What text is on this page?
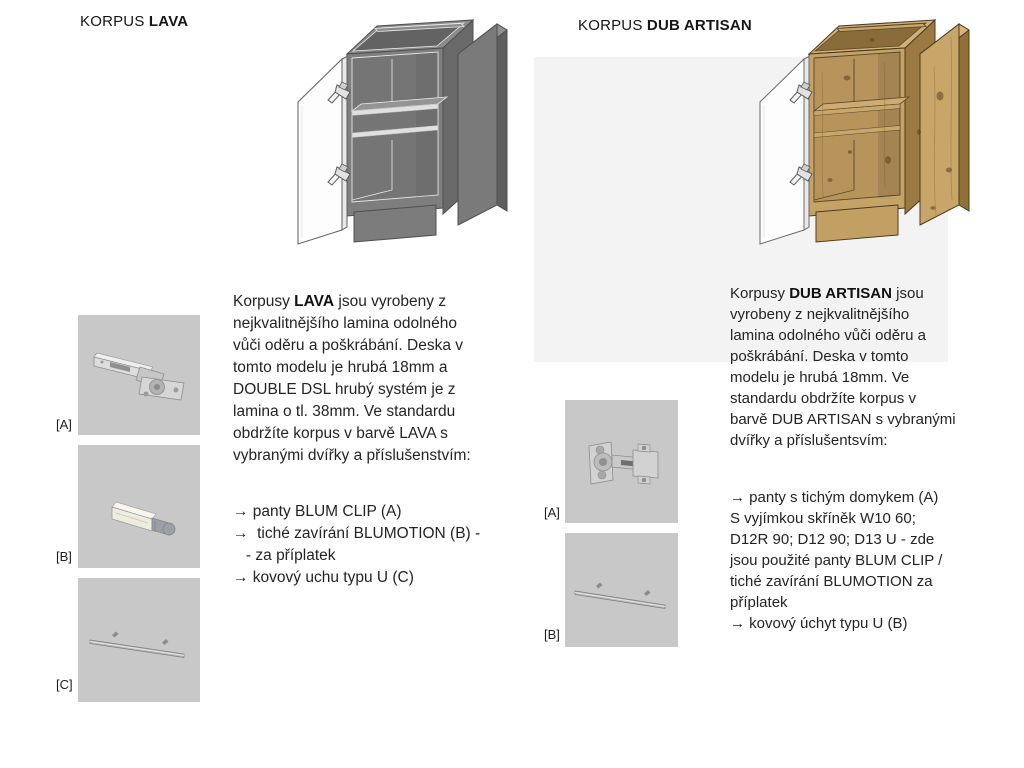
KORPUS LAVA	KORPUS DUB ARTISAN
Korpusy LAVA jsou vyrobeny z
nejkvalitnějšího lamina odolného
vůči oděru a poškrábání. Deska v
tomto modelu je hrubá 18mm a
DOUBLE DSL hrubý systém je z
lamina o tl. 38mm. Ve standardu
obdržíte korpus v barvě LAVA s
vybranými dvířky a příslušenstvím:
→ panty BLUM CLIP (A)
→  tiché zavírání BLUMOTION (B) -
- za příplatek
→ kovový uchu typu U (C)
Korpusy DUB ARTISAN jsou
vyrobeny z nejkvalitnějšího
lamina odolného vůči oděru a
poškrábání. Deska v tomto
modelu je hrubá 18mm. Ve
standardu obdržíte korpus v
barvě DUB ARTISAN s vybranými
dvířky a příslušentsvím:
→ panty s tichým domykem (A)
S vyjímkou skříněk W10 60;
D12R 90; D12 90; D13 U - zde
jsou použité panty BLUM CLIP /
tiché zavírání BLUMOTION za
příplatek
→ kovový úchyt typu U (B)
[A]
[B]
[C]
[A]
[B]
